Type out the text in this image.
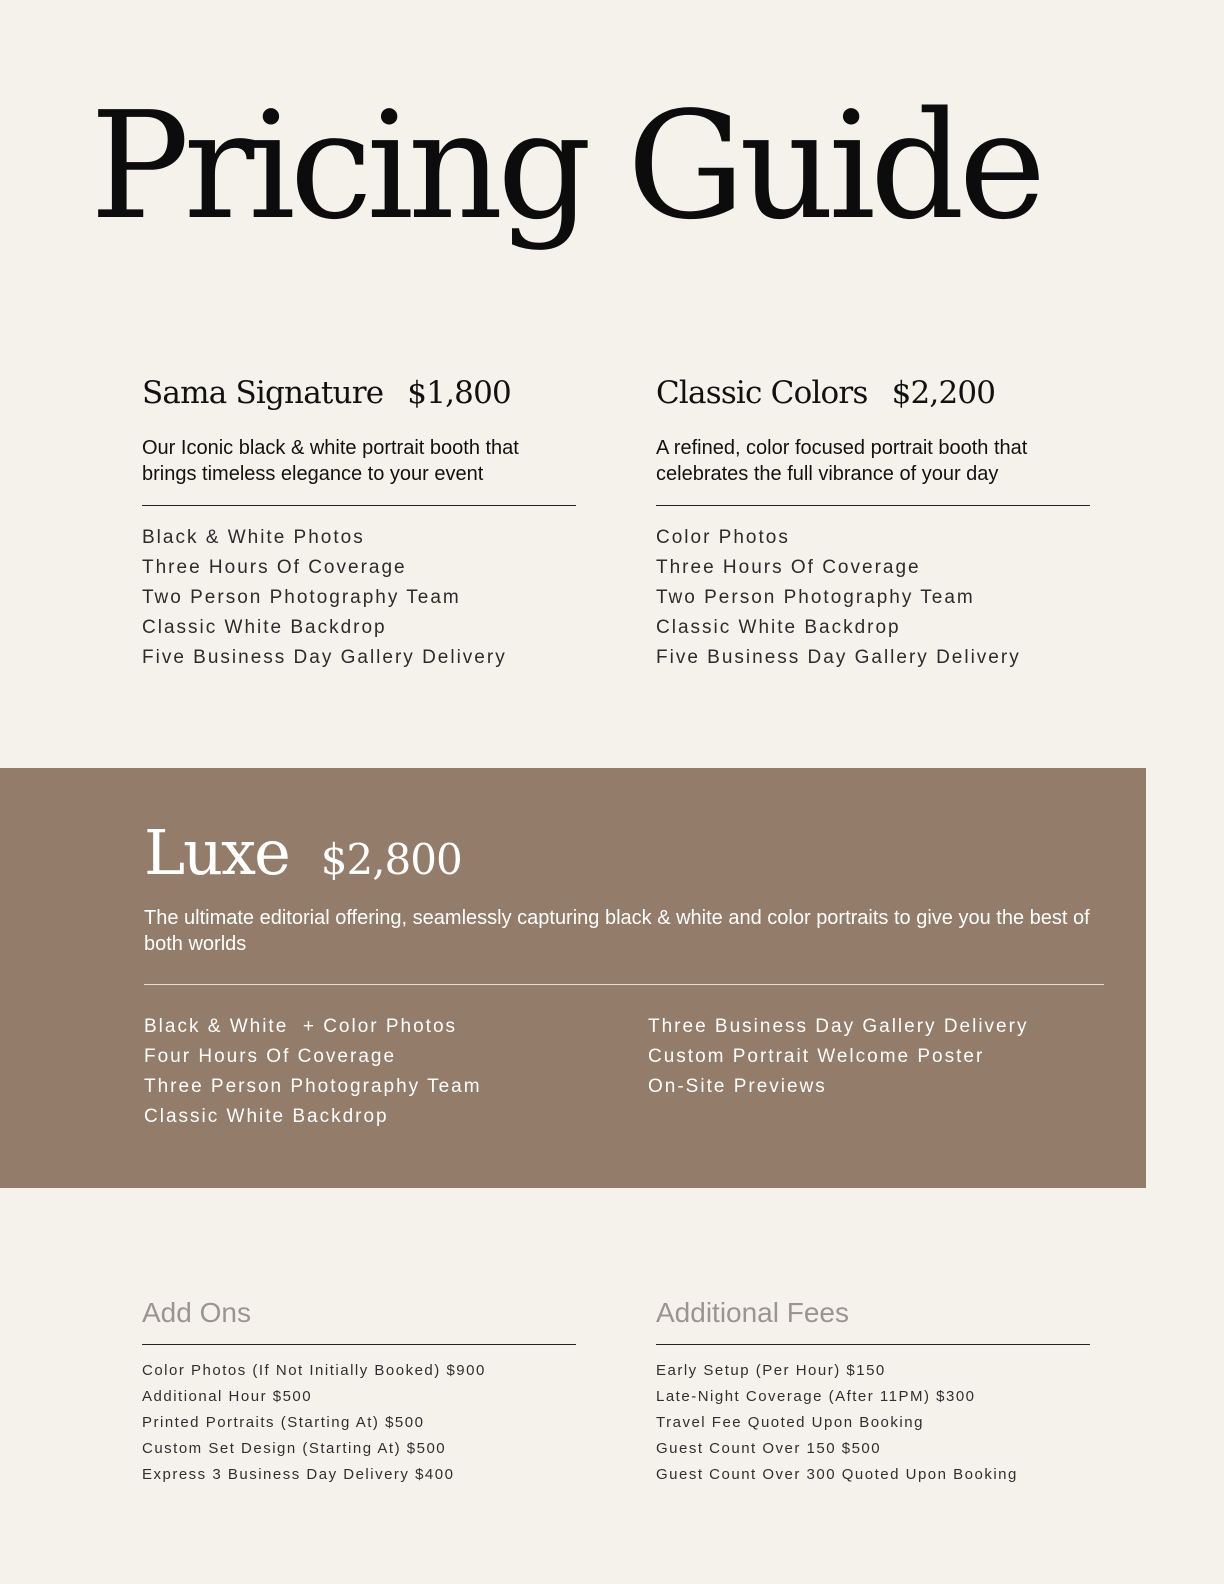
Pricing Guide
Sama Signature $1,800
Our Iconic black & white portrait booth that brings timeless elegance to your event
Black & White Photos
Three Hours Of Coverage
Two Person Photography Team
Classic White Backdrop
Five Business Day Gallery Delivery
Classic Colors $2,200
A refined, color focused portrait booth that celebrates the full vibrance of your day
Color Photos
Three Hours Of Coverage
Two Person Photography Team
Classic White Backdrop
Five Business Day Gallery Delivery
Luxe $2,800
The ultimate editorial offering, seamlessly capturing black & white and color portraits to give you the best of both worlds
Black & White  + Color Photos
Four Hours Of Coverage
Three Person Photography Team
Classic White Backdrop
Three Business Day Gallery Delivery
Custom Portrait Welcome Poster
On-Site Previews
Add Ons
Color Photos (If Not Initially Booked) $900
Additional Hour $500
Printed Portraits (Starting At) $500
Custom Set Design (Starting At) $500
Express 3 Business Day Delivery $400
Additional Fees
Early Setup (Per Hour) $150
Late-Night Coverage (After 11PM) $300
Travel Fee Quoted Upon Booking
Guest Count Over 150 $500
Guest Count Over 300 Quoted Upon Booking
